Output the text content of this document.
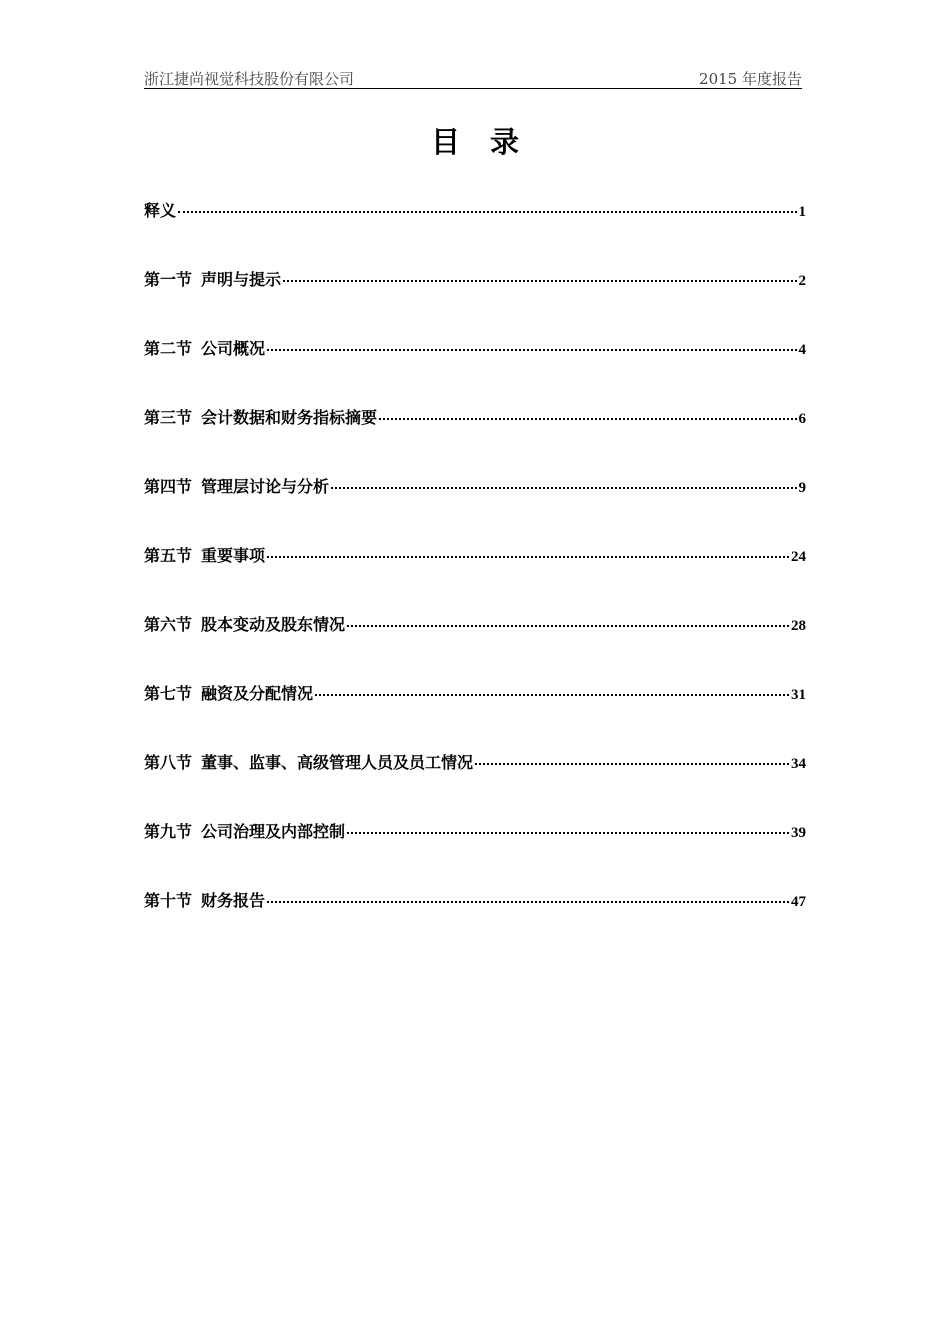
浙江捷尚视觉科技股份有限公司	2015 年度报告
目录
释义	1
第一节 声明与提示	2
第二节 公司概况	4
第三节 会计数据和财务指标摘要	6
第四节 管理层讨论与分析	9
第五节 重要事项	24
第六节 股本变动及股东情况	28
第七节 融资及分配情况	31
第八节 董事、监事、高级管理人员及员工情况	34
第九节 公司治理及内部控制	39
第十节 财务报告	47
